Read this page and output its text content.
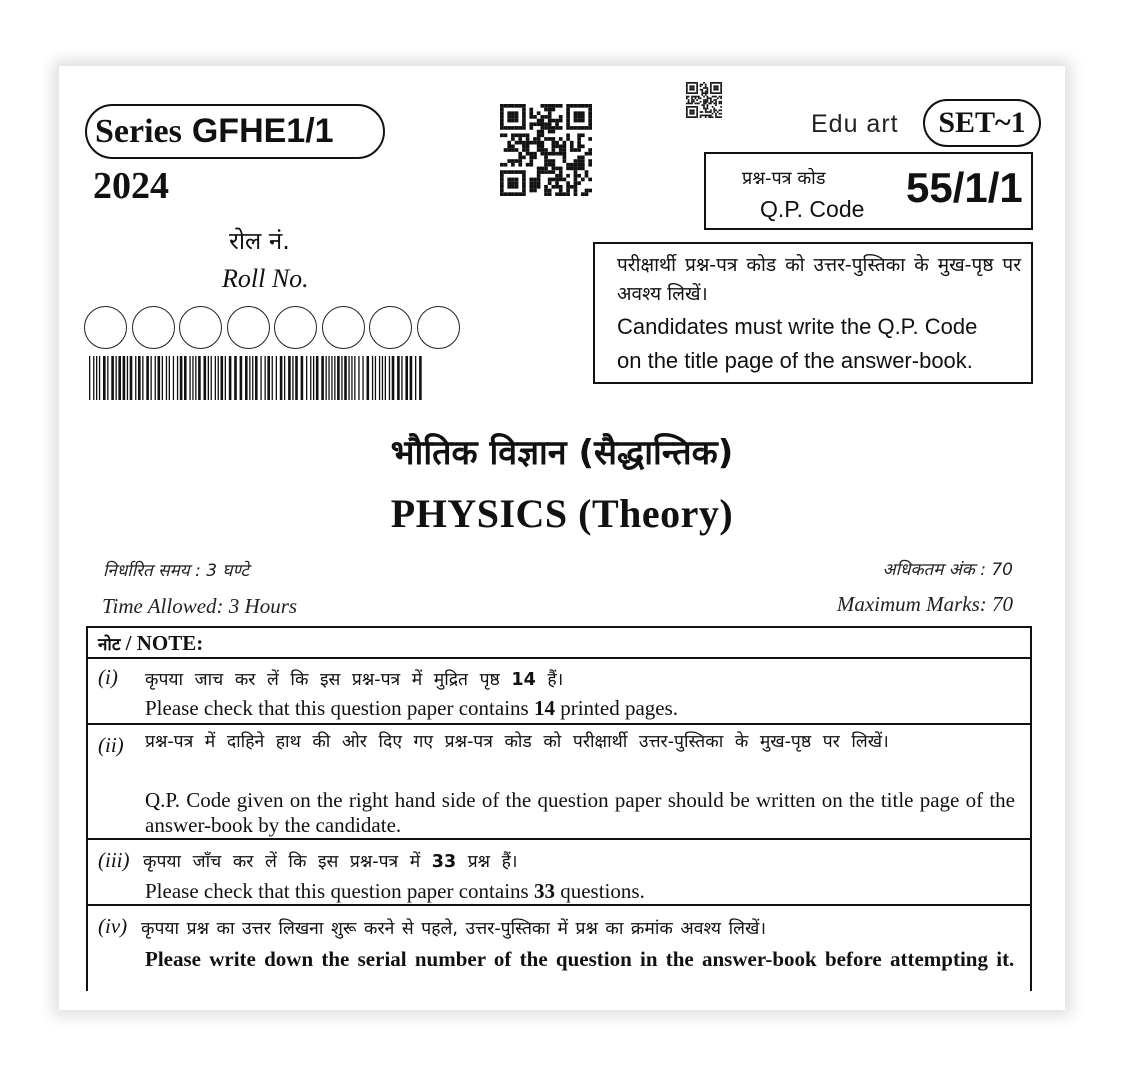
Series GFHE1/1
2024
रोल नं.
Roll No.
Edu art	SET~1
प्रश्न-पत्र कोड
Q.P. Code 55/1/1
परीक्षार्थी प्रश्न-पत्र कोड को उत्तर-पुस्तिका के मुख-पृष्ठ पर अवश्य लिखें।
Candidates must write the Q.P. Code
on the title page of the answer-book.
भौतिक विज्ञान (सैद्धान्तिक)
PHYSICS (Theory)
निर्धारित समय : 3 घण्टे
Time Allowed: 3 Hours
अधिकतम अंक : 70
Maximum Marks: 70
नोट / NOTE:
(i) कृपया जाच कर लें कि इस प्रश्न-पत्र में मुद्रित पृष्ठ 14 हैं।
Please check that this question paper contains 14 printed pages.
(ii) प्रश्न-पत्र में दाहिने हाथ की ओर दिए गए प्रश्न-पत्र कोड को परीक्षार्थी उत्तर-पुस्तिका के मुख-पृष्ठ पर लिखें।
Q.P. Code given on the right hand side of the question paper should be written on the title page of the answer-book by the candidate.
(iii) कृपया जाँच कर लें कि इस प्रश्न-पत्र में 33 प्रश्न हैं।
Please check that this question paper contains 33 questions.
(iv) कृपया प्रश्न का उत्तर लिखना शुरू करने से पहले, उत्तर-पुस्तिका में प्रश्न का क्रमांक अवश्य लिखें।
Please write down the serial number of the question in the answer-book before attempting it.
